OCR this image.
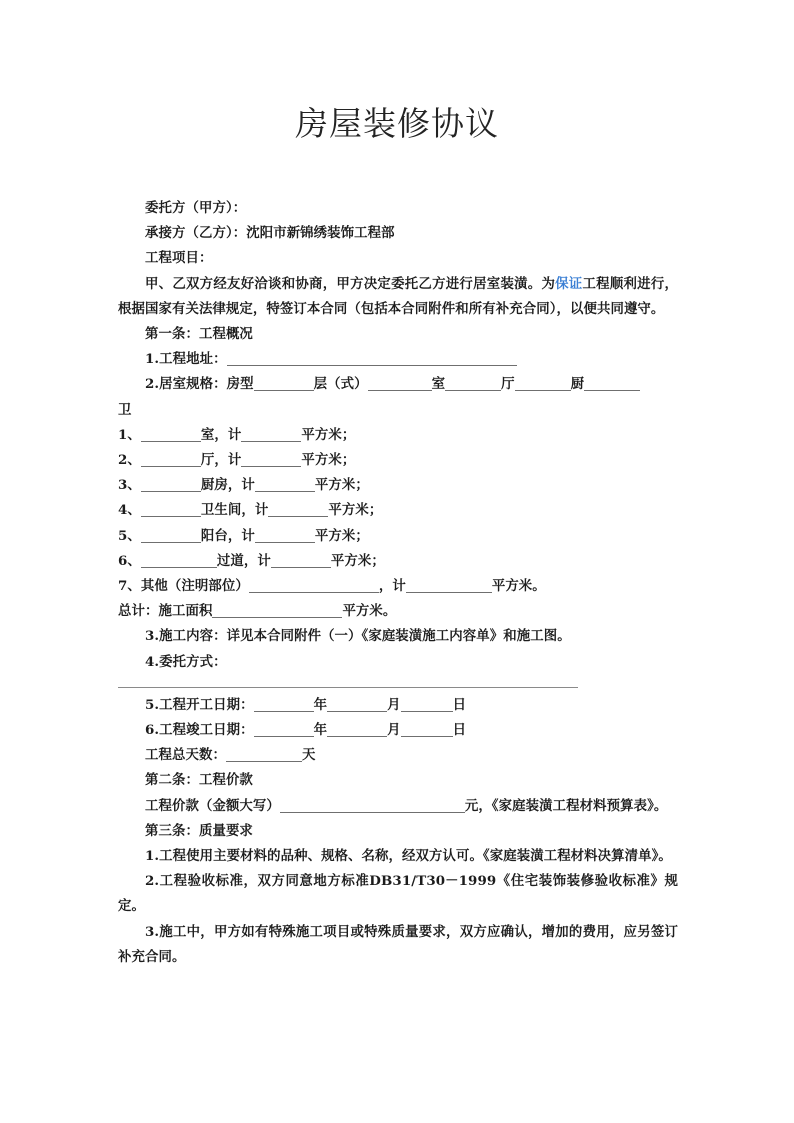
房屋装修协议
委托方（甲方）：
承接方（乙方）：沈阳市新锦绣装饰工程部
工程项目：

甲、乙双方经友好洽谈和协商，甲方决定委托乙方进行居室装潢。为保证工程顺利进行，根据国家有关法律规定，特签订本合同（包括本合同附件和所有补充合同），以便共同遵守。

第一条：工程概况
1.工程地址：
2.居室规格：房型	层（式）	室	厅	厨
卫
1、	室，计	平方米；
2、	厅，计	平方米；
3、	厨房，计	平方米；
4、	卫生间，计	平方米；
5、	阳台，计	平方米；
6、	过道，计	平方米；
7、其他（注明部位）	，计	平方米。
总计：施工面积	平方米。

3.施工内容：详见本合同附件（一）《家庭装潢施工内容单》和施工图。

4.委托方式：
5.工程开工日期：	年	月	日
6.工程竣工日期：	年	月	日
工程总天数：	天
第二条：工程价款

工程价款（金额大写）	元，《家庭装潢工程材料预算表》。

第三条：质量要求

1.工程使用主要材料的品种、规格、名称，经双方认可。《家庭装潢工程材料决算清单》。

2.工程验收标准，双方同意地方标准DB31/T30－1999《住宅装饰装修验收标准》规定。

3.施工中，甲方如有特殊施工项目或特殊质量要求，双方应确认，增加的费用，应另签订补充合同。
